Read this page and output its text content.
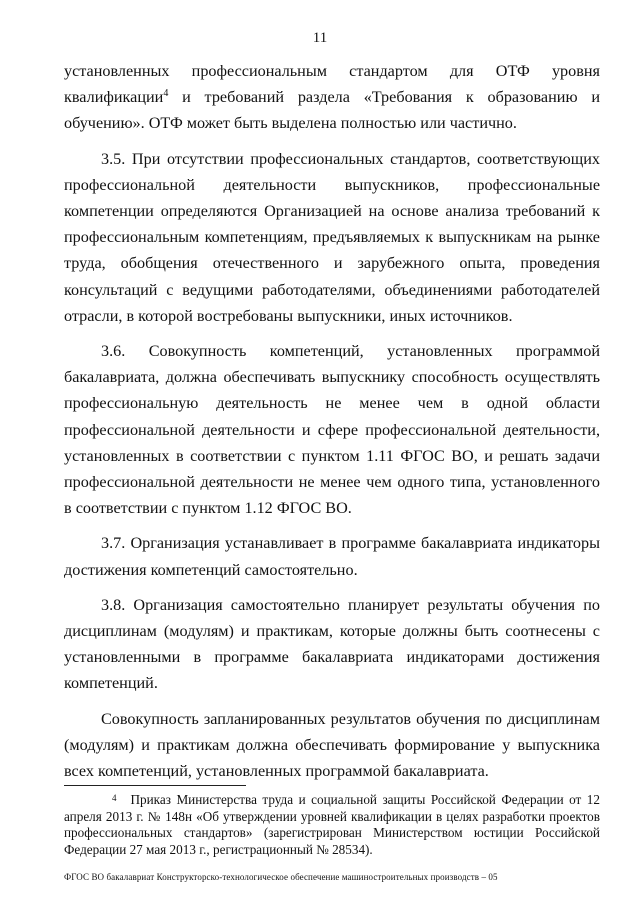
11

установленных профессиональным стандартом для ОТФ уровня квалификации$^4$ и требований раздела «Требования к образованию и обучению». ОТФ может быть выделена полностью или частично.

3.5. При отсутствии профессиональных стандартов, соответствующих профессиональной деятельности выпускников, профессиональные компетенции определяются Организацией на основе анализа требований к профессиональным компетенциям, предъявляемых к выпускникам на рынке труда, обобщения отечественного и зарубежного опыта, проведения консультаций с ведущими работодателями, объединениями работодателей отрасли, в которой востребованы выпускники, иных источников.

3.6. Совокупность компетенций, установленных программой бакалавриата, должна обеспечивать выпускнику способность осуществлять профессиональную деятельность не менее чем в одной области профессиональной деятельности и сфере профессиональной деятельности, установленных в соответствии с пунктом 1.11 ФГОС ВО, и решать задачи профессиональной деятельности не менее чем одного типа, установленного в соответствии с пунктом 1.12 ФГОС ВО.

3.7. Организация устанавливает в программе бакалавриата индикаторы достижения компетенций самостоятельно.

3.8. Организация самостоятельно планирует результаты обучения по дисциплинам (модулям) и практикам, которые должны быть соотнесены с установленными в программе бакалавриата индикаторами достижения компетенций.

Совокупность запланированных результатов обучения по дисциплинам (модулям) и практикам должна обеспечивать формирование у выпускника всех компетенций, установленных программой бакалавриата.

$^4$ Приказ Министерства труда и социальной защиты Российской Федерации от 12 апреля 2013 г. № 148н «Об утверждении уровней квалификации в целях разработки проектов профессиональных стандартов» (зарегистрирован Министерством юстиции Российской Федерации 27 мая 2013 г., регистрационный № 28534).
ФГОС ВО бакалавриат Конструкторско-технологическое обеспечение машиностроительных производств – 05
